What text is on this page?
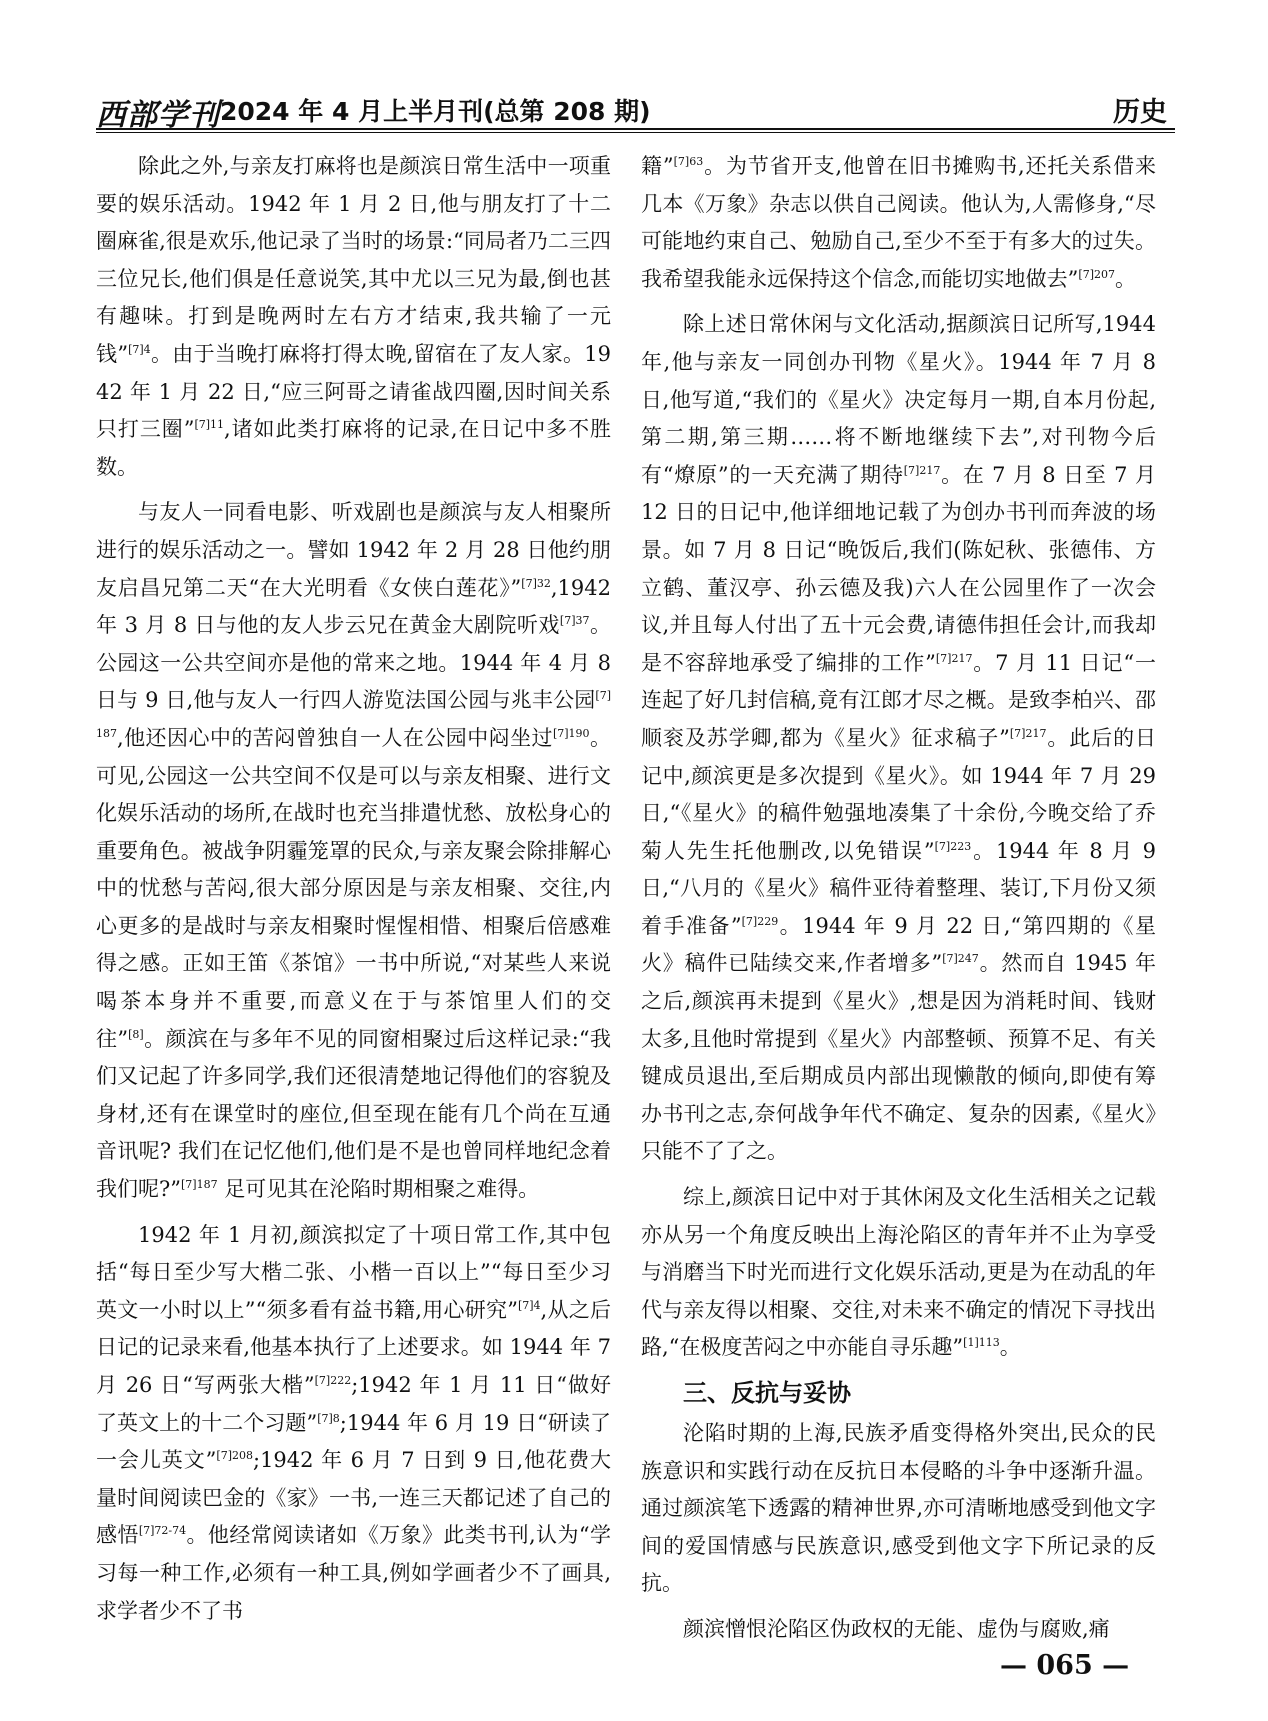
西部学刊 2024 年 4 月上半月刊(总第 208 期)	历史

除此之外,与亲友打麻将也是颜滨日常生活中一项重要的娱乐活动。1942 年 1 月 2 日,他与朋友打了十二圈麻雀,很是欢乐,他记录了当时的场景:“同局者乃二三四三位兄长,他们俱是任意说笑,其中尤以三兄为最,倒也甚有趣味。打到是晚两时左右方才结束,我共输了一元钱”$^{[7]4}$。由于当晚打麻将打得太晚,留宿在了友人家。1942 年 1 月 22 日,“应三阿哥之请雀战四圈,因时间关系只打三圈”$^{[7]11}$,诸如此类打麻将的记录,在日记中多不胜数。

与友人一同看电影、听戏剧也是颜滨与友人相聚所进行的娱乐活动之一。譬如 1942 年 2 月 28 日他约朋友启昌兄第二天“在大光明看《女侠白莲花》”$^{[7]32}$,1942 年 3 月 8 日与他的友人步云兄在黄金大剧院听戏$^{[7]37}$。公园这一公共空间亦是他的常来之地。1944 年 4 月 8 日与 9 日,他与友人一行四人游览法国公园与兆丰公园$^{[7]187}$,他还因心中的苦闷曾独自一人在公园中闷坐过$^{[7]190}$。可见,公园这一公共空间不仅是可以与亲友相聚、进行文化娱乐活动的场所,在战时也充当排遣忧愁、放松身心的重要角色。被战争阴霾笼罩的民众,与亲友聚会除排解心中的忧愁与苦闷,很大部分原因是与亲友相聚、交往,内心更多的是战时与亲友相聚时惺惺相惜、相聚后倍感难得之感。正如王笛《茶馆》一书中所说,“对某些人来说喝茶本身并不重要,而意义在于与茶馆里人们的交往”[8]。颜滨在与多年不见的同窗相聚过后这样记录:“我们又记起了许多同学,我们还很清楚地记得他们的容貌及身材,还有在课堂时的座位,但至现在能有几个尚在互通音讯呢? 我们在记忆他们,他们是不是也曾同样地纪念着我们呢?”$^{[7]187}$ 足可见其在沦陷时期相聚之难得。

1942 年 1 月初,颜滨拟定了十项日常工作,其中包括“每日至少写大楷二张、小楷一百以上”“每日至少习英文一小时以上”“须多看有益书籍,用心研究”$^{[7]4}$,从之后日记的记录来看,他基本执行了上述要求。如 1944 年 7 月 26 日“写两张大楷”$^{[7]222}$;1942 年 1 月 11 日“做好了英文上的十二个习题”$^{[7]8}$;1944 年 6 月 19 日“研读了一会儿英文”$^{[7]208}$;1942 年 6 月 7 日到 9 日,他花费大量时间阅读巴金的《家》一书,一连三天都记述了自己的感悟$^{[7]72-74}$。他经常阅读诸如《万象》此类书刊,认为“学习每一种工作,必须有一种工具,例如学画者少不了画具,求学者少不了书

籍”$^{[7]63}$。为节省开支,他曾在旧书摊购书,还托关系借来几本《万象》杂志以供自己阅读。他认为,人需修身,“尽可能地约束自己、勉励自己,至少不至于有多大的过失。我希望我能永远保持这个信念,而能切实地做去”$^{[7]207}$。

除上述日常休闲与文化活动,据颜滨日记所写,1944 年,他与亲友一同创办刊物《星火》。1944 年 7 月 8 日,他写道,“我们的《星火》决定每月一期,自本月份起,第二期,第三期……将不断地继续下去”,对刊物今后有“燎原”的一天充满了期待$^{[7]217}$。在 7 月 8 日至 7 月 12 日的日记中,他详细地记载了为创办书刊而奔波的场景。如 7 月 8 日记“晚饭后,我们(陈妃秋、张德伟、方立鹤、董汉亭、孙云德及我)六人在公园里作了一次会议,并且每人付出了五十元会费,请德伟担任会计,而我却是不容辞地承受了编排的工作”$^{[7]217}$。7 月 11 日记“一连起了好几封信稿,竟有江郎才尽之概。是致李柏兴、邵顺衮及苏学卿,都为《星火》征求稿子”$^{[7]217}$。此后的日记中,颜滨更是多次提到《星火》。如 1944 年 7 月 29 日,“《星火》的稿件勉强地凑集了十余份,今晚交给了乔菊人先生托他删改,以免错误”$^{[7]223}$。1944 年 8 月 9 日,“八月的《星火》稿件亚待着整理、装订,下月份又须着手准备”$^{[7]229}$。1944 年 9 月 22 日,“第四期的《星火》稿件已陆续交来,作者增多”$^{[7]247}$。然而自 1945 年之后,颜滨再未提到《星火》,想是因为消耗时间、钱财太多,且他时常提到《星火》内部整顿、预算不足、有关键成员退出,至后期成员内部出现懒散的倾向,即使有筹办书刊之志,奈何战争年代不确定、复杂的因素,《星火》只能不了了之。

综上,颜滨日记中对于其休闲及文化生活相关之记载亦从另一个角度反映出上海沦陷区的青年并不止为享受与消磨当下时光而进行文化娱乐活动,更是为在动乱的年代与亲友得以相聚、交往,对未来不确定的情况下寻找出路,“在极度苦闷之中亦能自寻乐趣”$^{[1]113}$。

三、反抗与妥协

沦陷时期的上海,民族矛盾变得格外突出,民众的民族意识和实践行动在反抗日本侵略的斗争中逐渐升温。通过颜滨笔下透露的精神世界,亦可清晰地感受到他文字间的爱国情感与民族意识,感受到他文字下所记录的反抗。

颜滨憎恨沦陷区伪政权的无能、虚伪与腐败,痛

— 065 —
